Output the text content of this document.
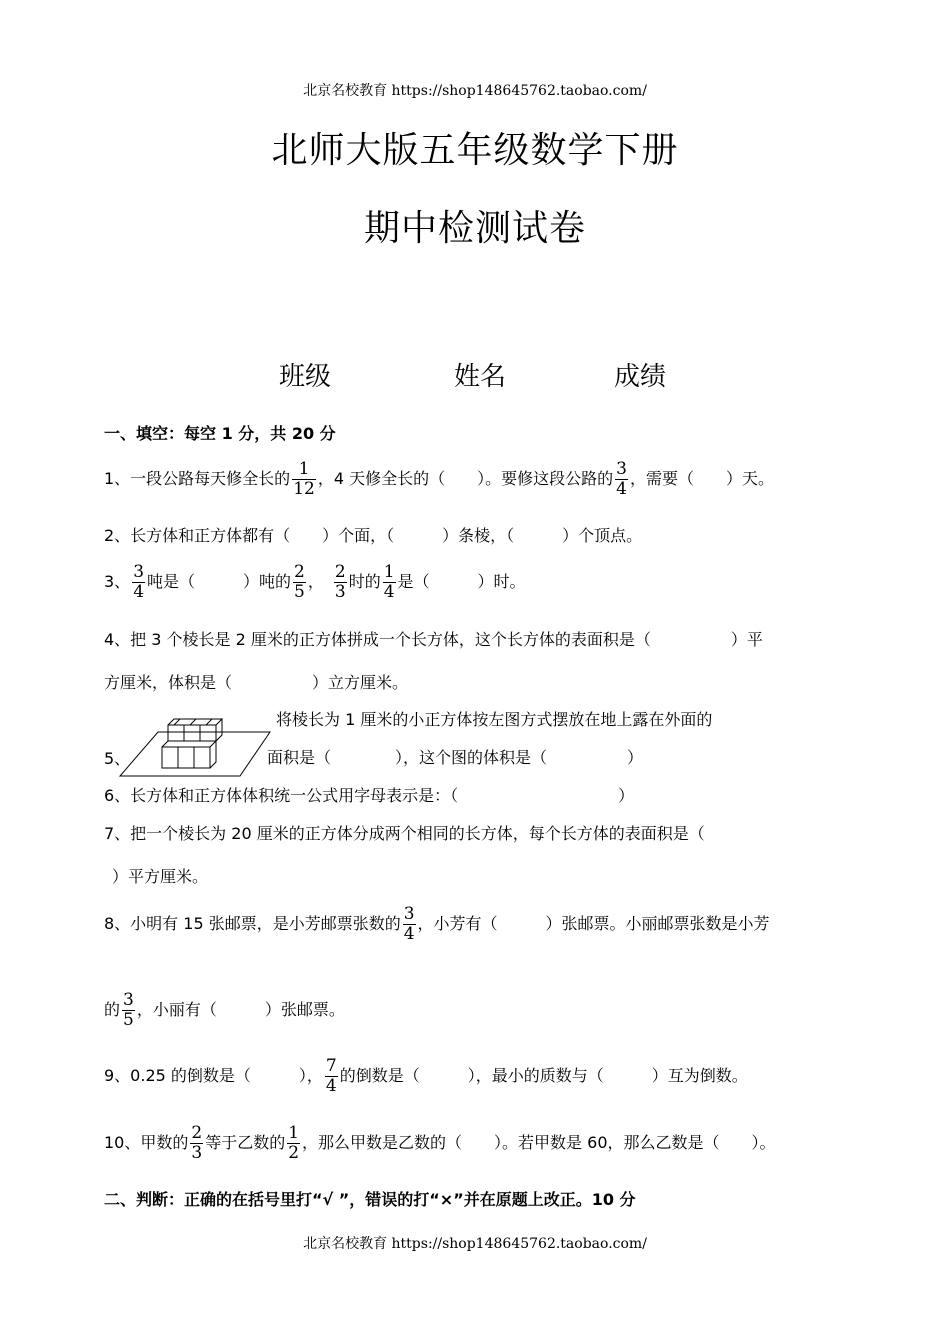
北京名校教育 https://shop148645762.taobao.com/
北师大版五年级数学下册
期中检测试卷
班级	姓名	成绩
一、填空：每空 1 分，共 20 分
1、一段公路每天修全长的 $\frac{1}{12}$ ，4 天修全长的（　　）。要修这段公路的 $\frac{3}{4}$ ，需要（　　）天。
2、长方体和正方体都有（　　）个面，（　　　）条棱，（　　　）个顶点。
3、 $\frac{3}{4}$ 吨是（　　　）吨的 $\frac{2}{5}$ ，　 $\frac{2}{3}$ 时的 $\frac{1}{4}$ 是（　　　）时。
4、把 3 个棱长是 2 厘米的正方体拼成一个长方体，这个长方体的表面积是（　　　　　）平
方厘米，体积是（　　　　　）立方厘米。
5、
将棱长为 1 厘米的小正方体按左图方式摆放在地上露在外面的
面积是（　　　　），这个图的体积是（　　　　　）
6、长方体和正方体体积统一公式用字母表示是：（　　　　　　　　　　）
7、把一个棱长为 20 厘米的正方体分成两个相同的长方体，每个长方体的表面积是（
）平方厘米。
8、小明有 15 张邮票，是小芳邮票张数的 $\frac{3}{4}$ ，小芳有（　　　）张邮票。小丽邮票张数是小芳
的 $\frac{3}{5}$ ，小丽有（　　　）张邮票。
9、0.25 的倒数是（　　　）， $\frac{7}{4}$ 的倒数是（　　　），最小的质数与（　　　）互为倒数。
10、甲数的 $\frac{2}{3}$ 等于乙数的 $\frac{1}{2}$ ，那么甲数是乙数的（　　）。若甲数是 60，那么乙数是（　　）。
二、判断：正确的在括号里打“√ ”，错误的打“×”并在原题上改正。10 分
北京名校教育 https://shop148645762.taobao.com/
